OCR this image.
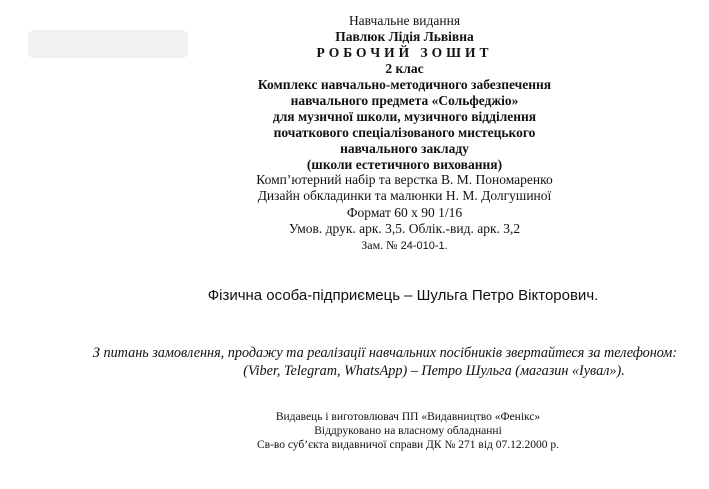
Навчальне видання
Павлюк Лідія Львівна
РОБОЧИЙ ЗОШИТ
2 клас
Комплекс навчально-методичного забезпечення
навчального предмета «Сольфеджіо»
для музичної школи, музичного відділення
початкового спеціалізованого мистецького
навчального закладу
(школи естетичного виховання)
Комп’ютерний набір та верстка В. М. Пономаренко
Дизайн обкладинки та малюнки Н. М. Долгушиної
Формат 60 х 90 1/16
Умов. друк. арк. 3,5. Облік.-вид. арк. 3,2
Зам. № 24-010-1.
Фізична особа-підприємець – Шульга Петро Вікторович.
З питань замовлення, продажу та реалізації навчальних посібників звертайтеся за телефоном:
(Viber, Telegram, WhatsApp) – Петро Шульга (магазин «Іувал»).
Видавець і виготовлювач ПП «Видавництво «Фенікс»
Віддруковано на власному обладнанні
Св-во суб’єкта видавничої справи ДК № 271 від 07.12.2000 р.
